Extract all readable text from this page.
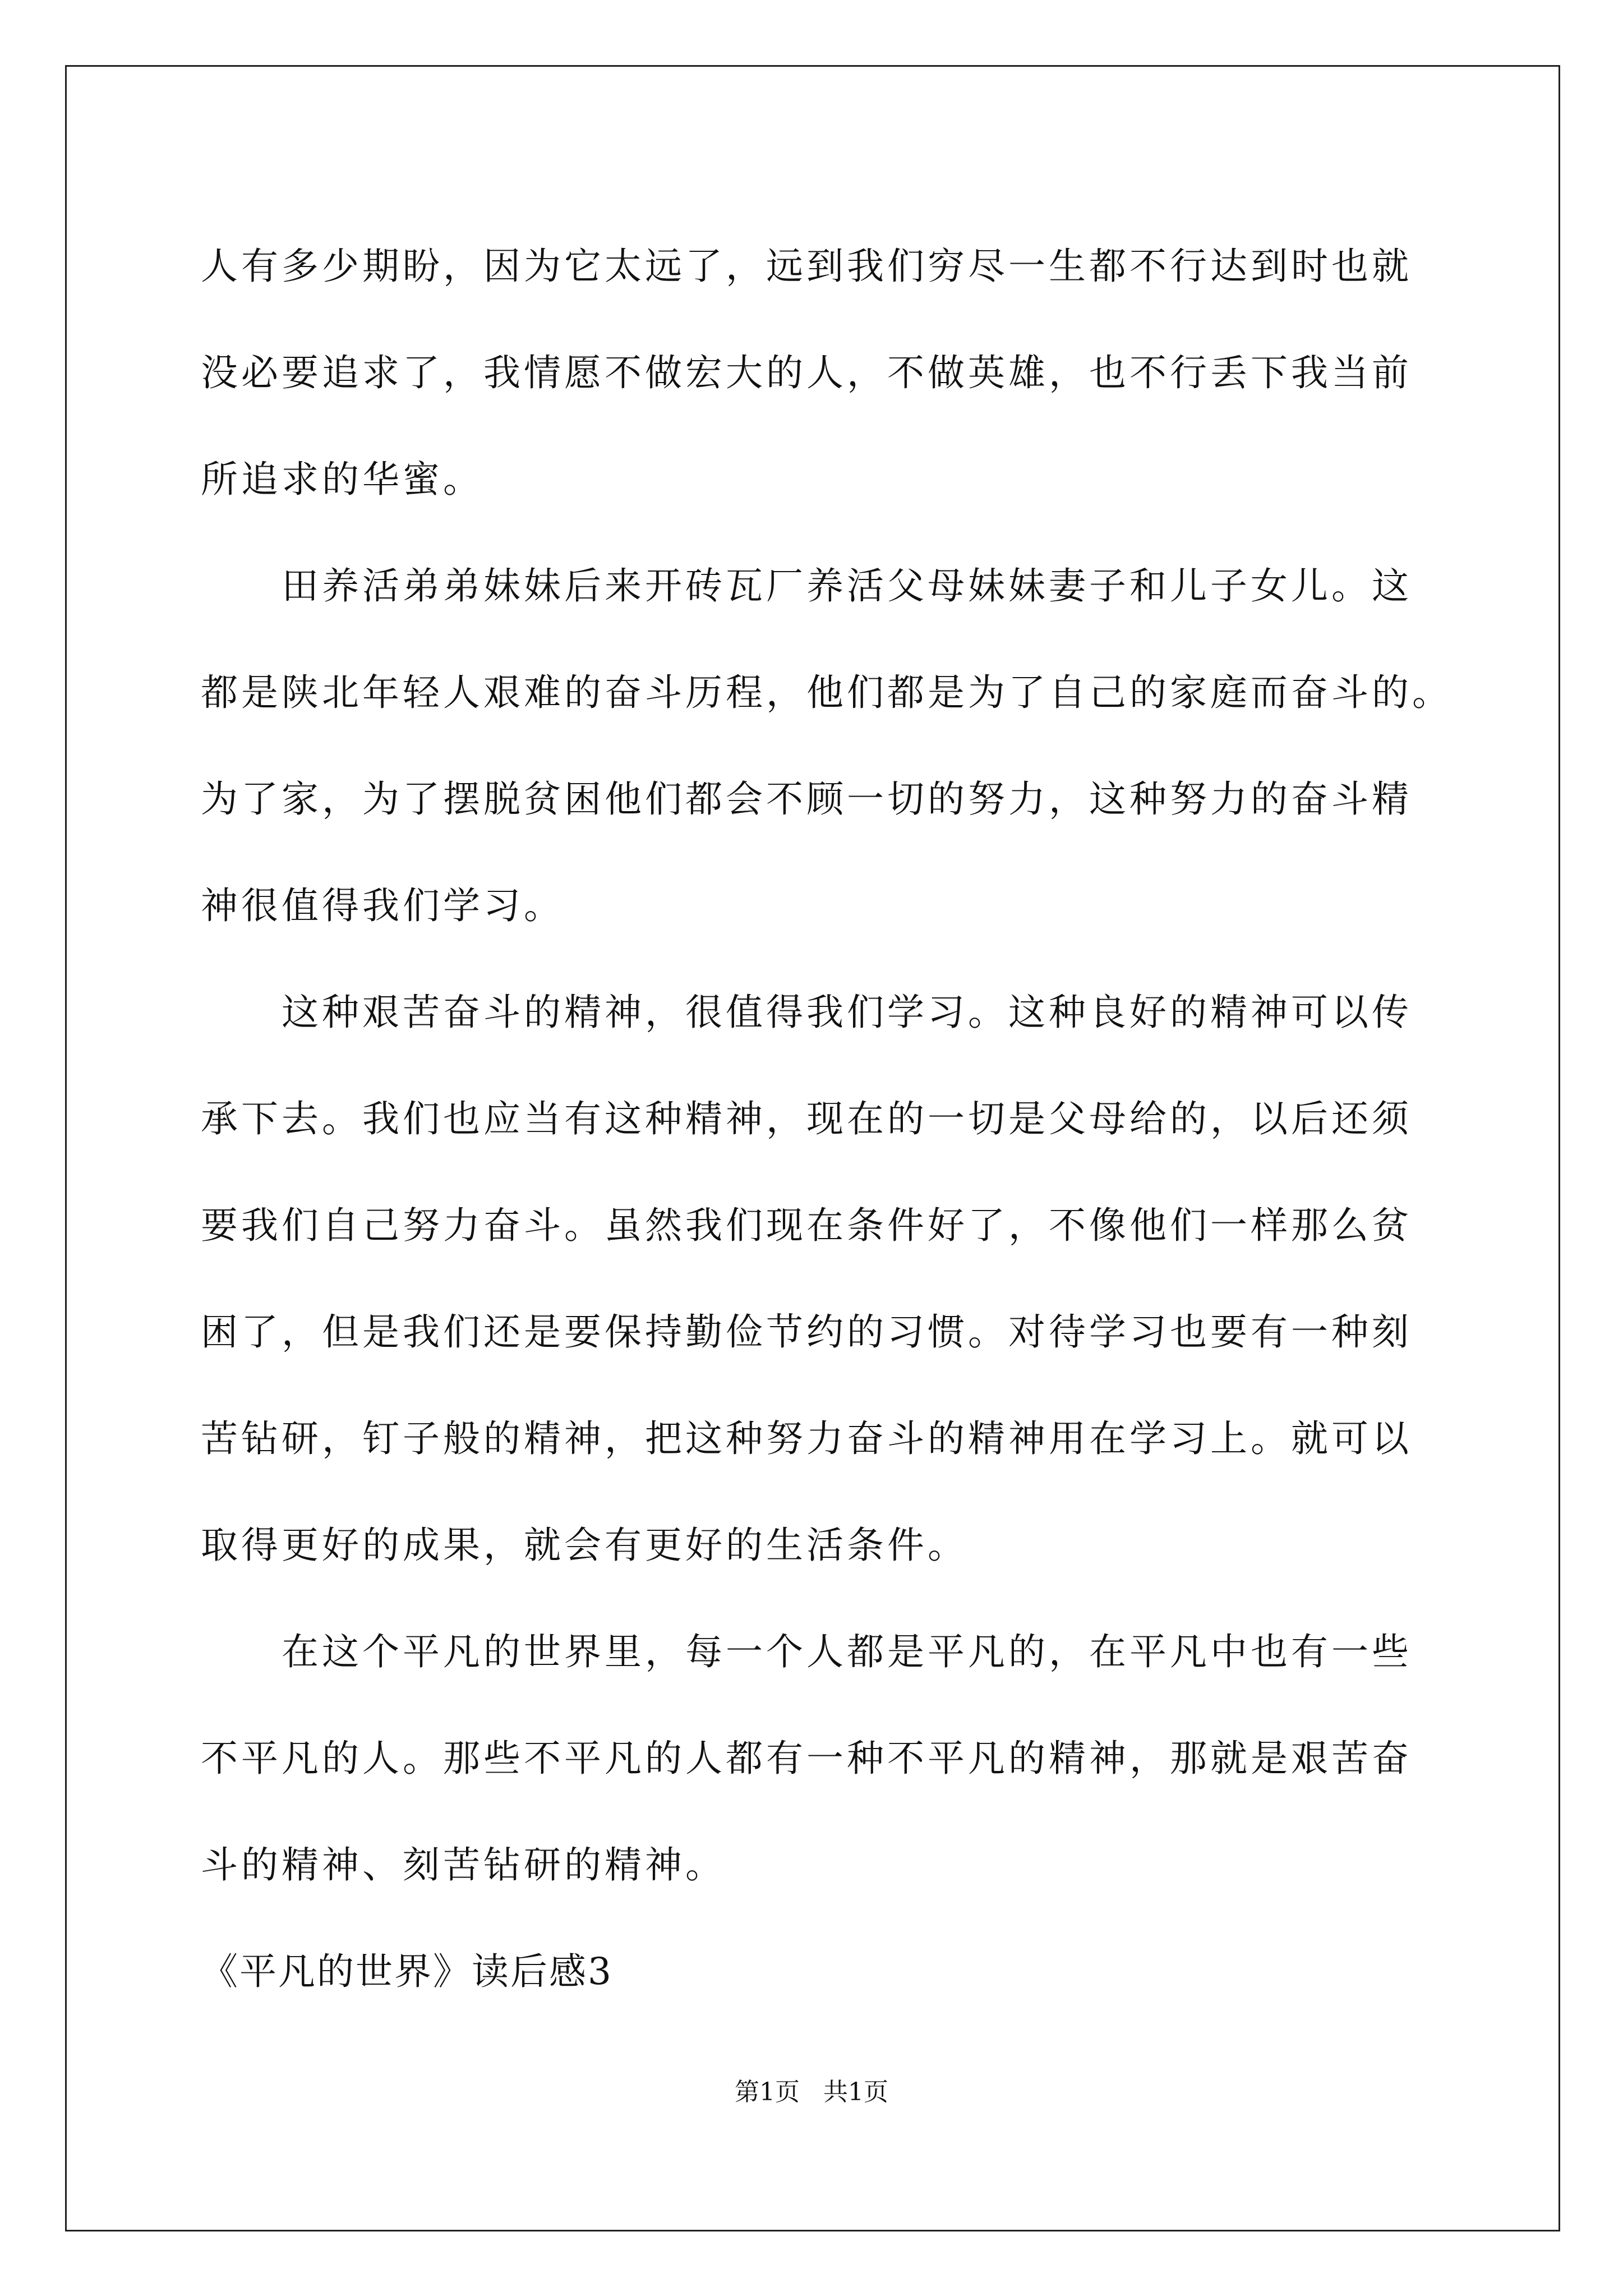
人有多少期盼，因为它太远了，远到我们穷尽一生都不行达到时也就
没必要追求了，我情愿不做宏大的人，不做英雄，也不行丢下我当前
所追求的华蜜。
田养活弟弟妹妹后来开砖瓦厂养活父母妹妹妻子和儿子女儿。这
都是陕北年轻人艰难的奋斗历程，他们都是为了自己的家庭而奋斗的。
为了家，为了摆脱贫困他们都会不顾一切的努力，这种努力的奋斗精
神很值得我们学习。
这种艰苦奋斗的精神，很值得我们学习。这种良好的精神可以传
承下去。我们也应当有这种精神，现在的一切是父母给的，以后还须
要我们自己努力奋斗。虽然我们现在条件好了，不像他们一样那么贫
困了，但是我们还是要保持勤俭节约的习惯。对待学习也要有一种刻
苦钻研，钉子般的精神，把这种努力奋斗的精神用在学习上。就可以
取得更好的成果，就会有更好的生活条件。
在这个平凡的世界里，每一个人都是平凡的，在平凡中也有一些
不平凡的人。那些不平凡的人都有一种不平凡的精神，那就是艰苦奋
斗的精神、刻苦钻研的精神。
《平凡的世界》读后感3
第1页   共1页
